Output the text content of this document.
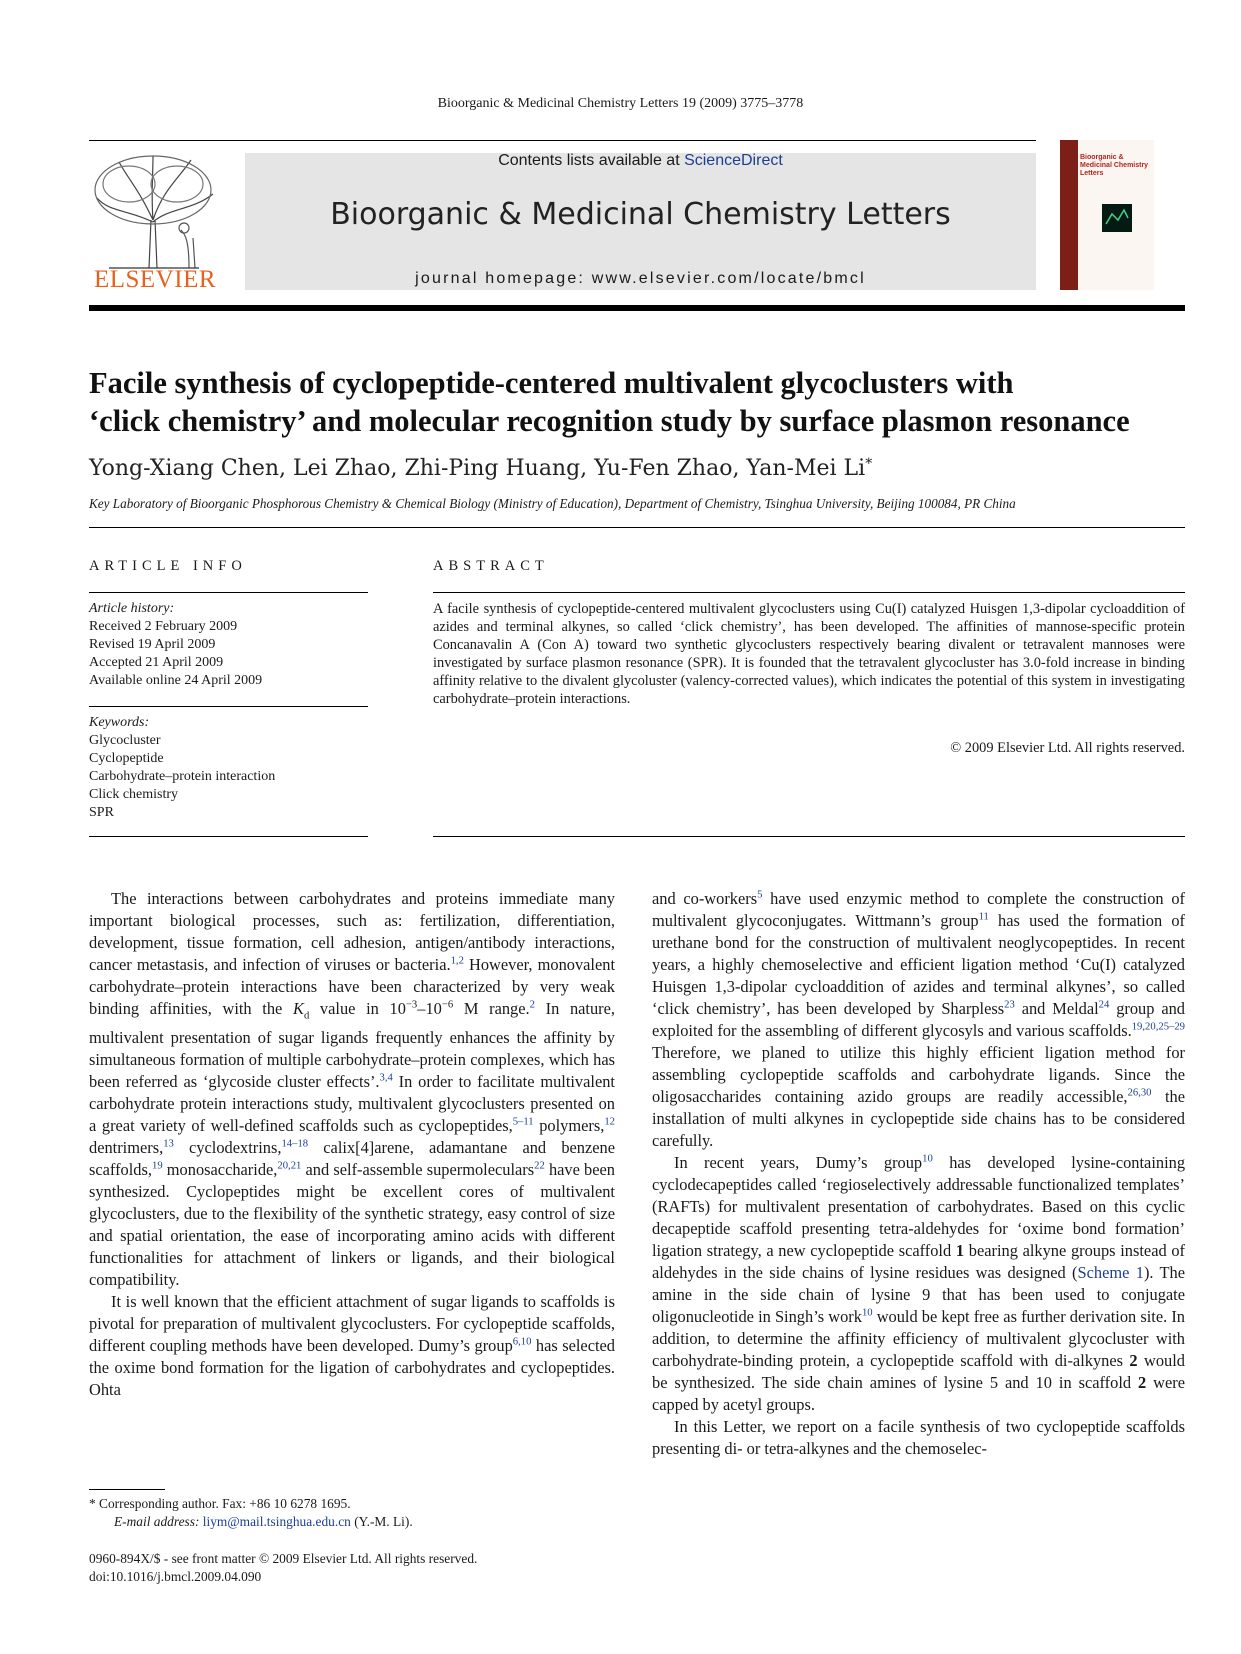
Bioorganic & Medicinal Chemistry Letters 19 (2009) 3775–3778
ELSEVIER
Contents lists available at ScienceDirect
Bioorganic & Medicinal Chemistry Letters
journal homepage: www.elsevier.com/locate/bmcl
Bioorganic & Medicinal Chemistry Letters
Facile synthesis of cyclopeptide-centered multivalent glycoclusters with
‘click chemistry’ and molecular recognition study by surface plasmon resonance
Yong-Xiang Chen, Lei Zhao, Zhi-Ping Huang, Yu-Fen Zhao, Yan-Mei Li*
Key Laboratory of Bioorganic Phosphorous Chemistry & Chemical Biology (Ministry of Education), Department of Chemistry, Tsinghua University, Beijing 100084, PR China
ARTICLE INFO	ABSTRACT
Article history:
Received 2 February 2009
Revised 19 April 2009
Accepted 21 April 2009
Available online 24 April 2009
Keywords:
Glycocluster
Cyclopeptide
Carbohydrate–protein interaction
Click chemistry
SPR
A facile synthesis of cyclopeptide-centered multivalent glycoclusters using Cu(I) catalyzed Huisgen 1,3-dipolar cycloaddition of azides and terminal alkynes, so called ‘click chemistry’, has been developed. The affinities of mannose-specific protein Concanavalin A (Con A) toward two synthetic glycoclusters respectively bearing divalent or tetravalent mannoses were investigated by surface plasmon resonance (SPR). It is founded that the tetravalent glycocluster has 3.0-fold increase in binding affinity relative to the divalent glycoluster (valency-corrected values), which indicates the potential of this system in investigating carbohydrate–protein interactions.
© 2009 Elsevier Ltd. All rights reserved.

The interactions between carbohydrates and proteins immediate many important biological processes, such as: fertilization, differentiation, development, tissue formation, cell adhesion, antigen/antibody interactions, cancer metastasis, and infection of viruses or bacteria.$^{1,2}$ However, monovalent carbohydrate–protein interactions have been characterized by very weak binding affinities, with the $K_d$ value in $10^{-3}-10^{-6}$ M range.$^2$ In nature, multivalent presentation of sugar ligands frequently enhances the affinity by simultaneous formation of multiple carbohydrate–protein complexes, which has been referred as ‘glycoside cluster effects’.$^{3,4}$ In order to facilitate multivalent carbohydrate protein interactions study, multivalent glycoclusters presented on a great variety of well-defined scaffolds such as cyclopeptides,$^{5-11}$ polymers,$^{12}$ dentrimers,$^{13}$ cyclodextrins,$^{14-18}$ calix[4]arene, adamantane and benzene scaffolds,$^{19}$ monosaccharide,$^{20,21}$ and self-assemble supermoleculars$^{22}$ have been synthesized. Cyclopeptides might be excellent cores of multivalent glycoclusters, due to the flexibility of the synthetic strategy, easy control of size and spatial orientation, the ease of incorporating amino acids with different functionalities for attachment of linkers or ligands, and their biological compatibility.

It is well known that the efficient attachment of sugar ligands to scaffolds is pivotal for preparation of multivalent glycoclusters. For cyclopeptide scaffolds, different coupling methods have been developed. Dumy’s group$^{6,10}$ has selected the oxime bond formation for the ligation of carbohydrates and cyclopeptides. Ohta

and co-workers$^5$ have used enzymic method to complete the construction of multivalent glycoconjugates. Wittmann’s group$^{11}$ has used the formation of urethane bond for the construction of multivalent neoglycopeptides. In recent years, a highly chemoselective and efficient ligation method ‘Cu(I) catalyzed Huisgen 1,3-dipolar cycloaddition of azides and terminal alkynes’, so called ‘click chemistry’, has been developed by Sharpless$^{23}$ and Meldal$^{24}$ group and exploited for the assembling of different glycosyls and various scaffolds.$^{19,20,25-29}$ Therefore, we planed to utilize this highly efficient ligation method for assembling cyclopeptide scaffolds and carbohydrate ligands. Since the oligosaccharides containing azido groups are readily accessible,$^{26,30}$ the installation of multi alkynes in cyclopeptide side chains has to be considered carefully.

In recent years, Dumy’s group$^{10}$ has developed lysine-containing cyclodecapeptides called ‘regioselectively addressable functionalized templates’ (RAFTs) for multivalent presentation of carbohydrates. Based on this cyclic decapeptide scaffold presenting tetra-aldehydes for ‘oxime bond formation’ ligation strategy, a new cyclopeptide scaffold 1 bearing alkyne groups instead of aldehydes in the side chains of lysine residues was designed (Scheme 1). The amine in the side chain of lysine 9 that has been used to conjugate oligonucleotide in Singh’s work$^{10}$ would be kept free as further derivation site. In addition, to determine the affinity efficiency of multivalent glycocluster with carbohydrate-binding protein, a cyclopeptide scaffold with di-alkynes 2 would be synthesized. The side chain amines of lysine 5 and 10 in scaffold 2 were capped by acetyl groups.

In this Letter, we report on a facile synthesis of two cyclopeptide scaffolds presenting di- or tetra-alkynes and the chemoselec-

* Corresponding author. Fax: +86 10 6278 1695.
E-mail address: liym@mail.tsinghua.edu.cn (Y.-M. Li).
0960-894X/$ - see front matter © 2009 Elsevier Ltd. All rights reserved.
doi:10.1016/j.bmcl.2009.04.090
